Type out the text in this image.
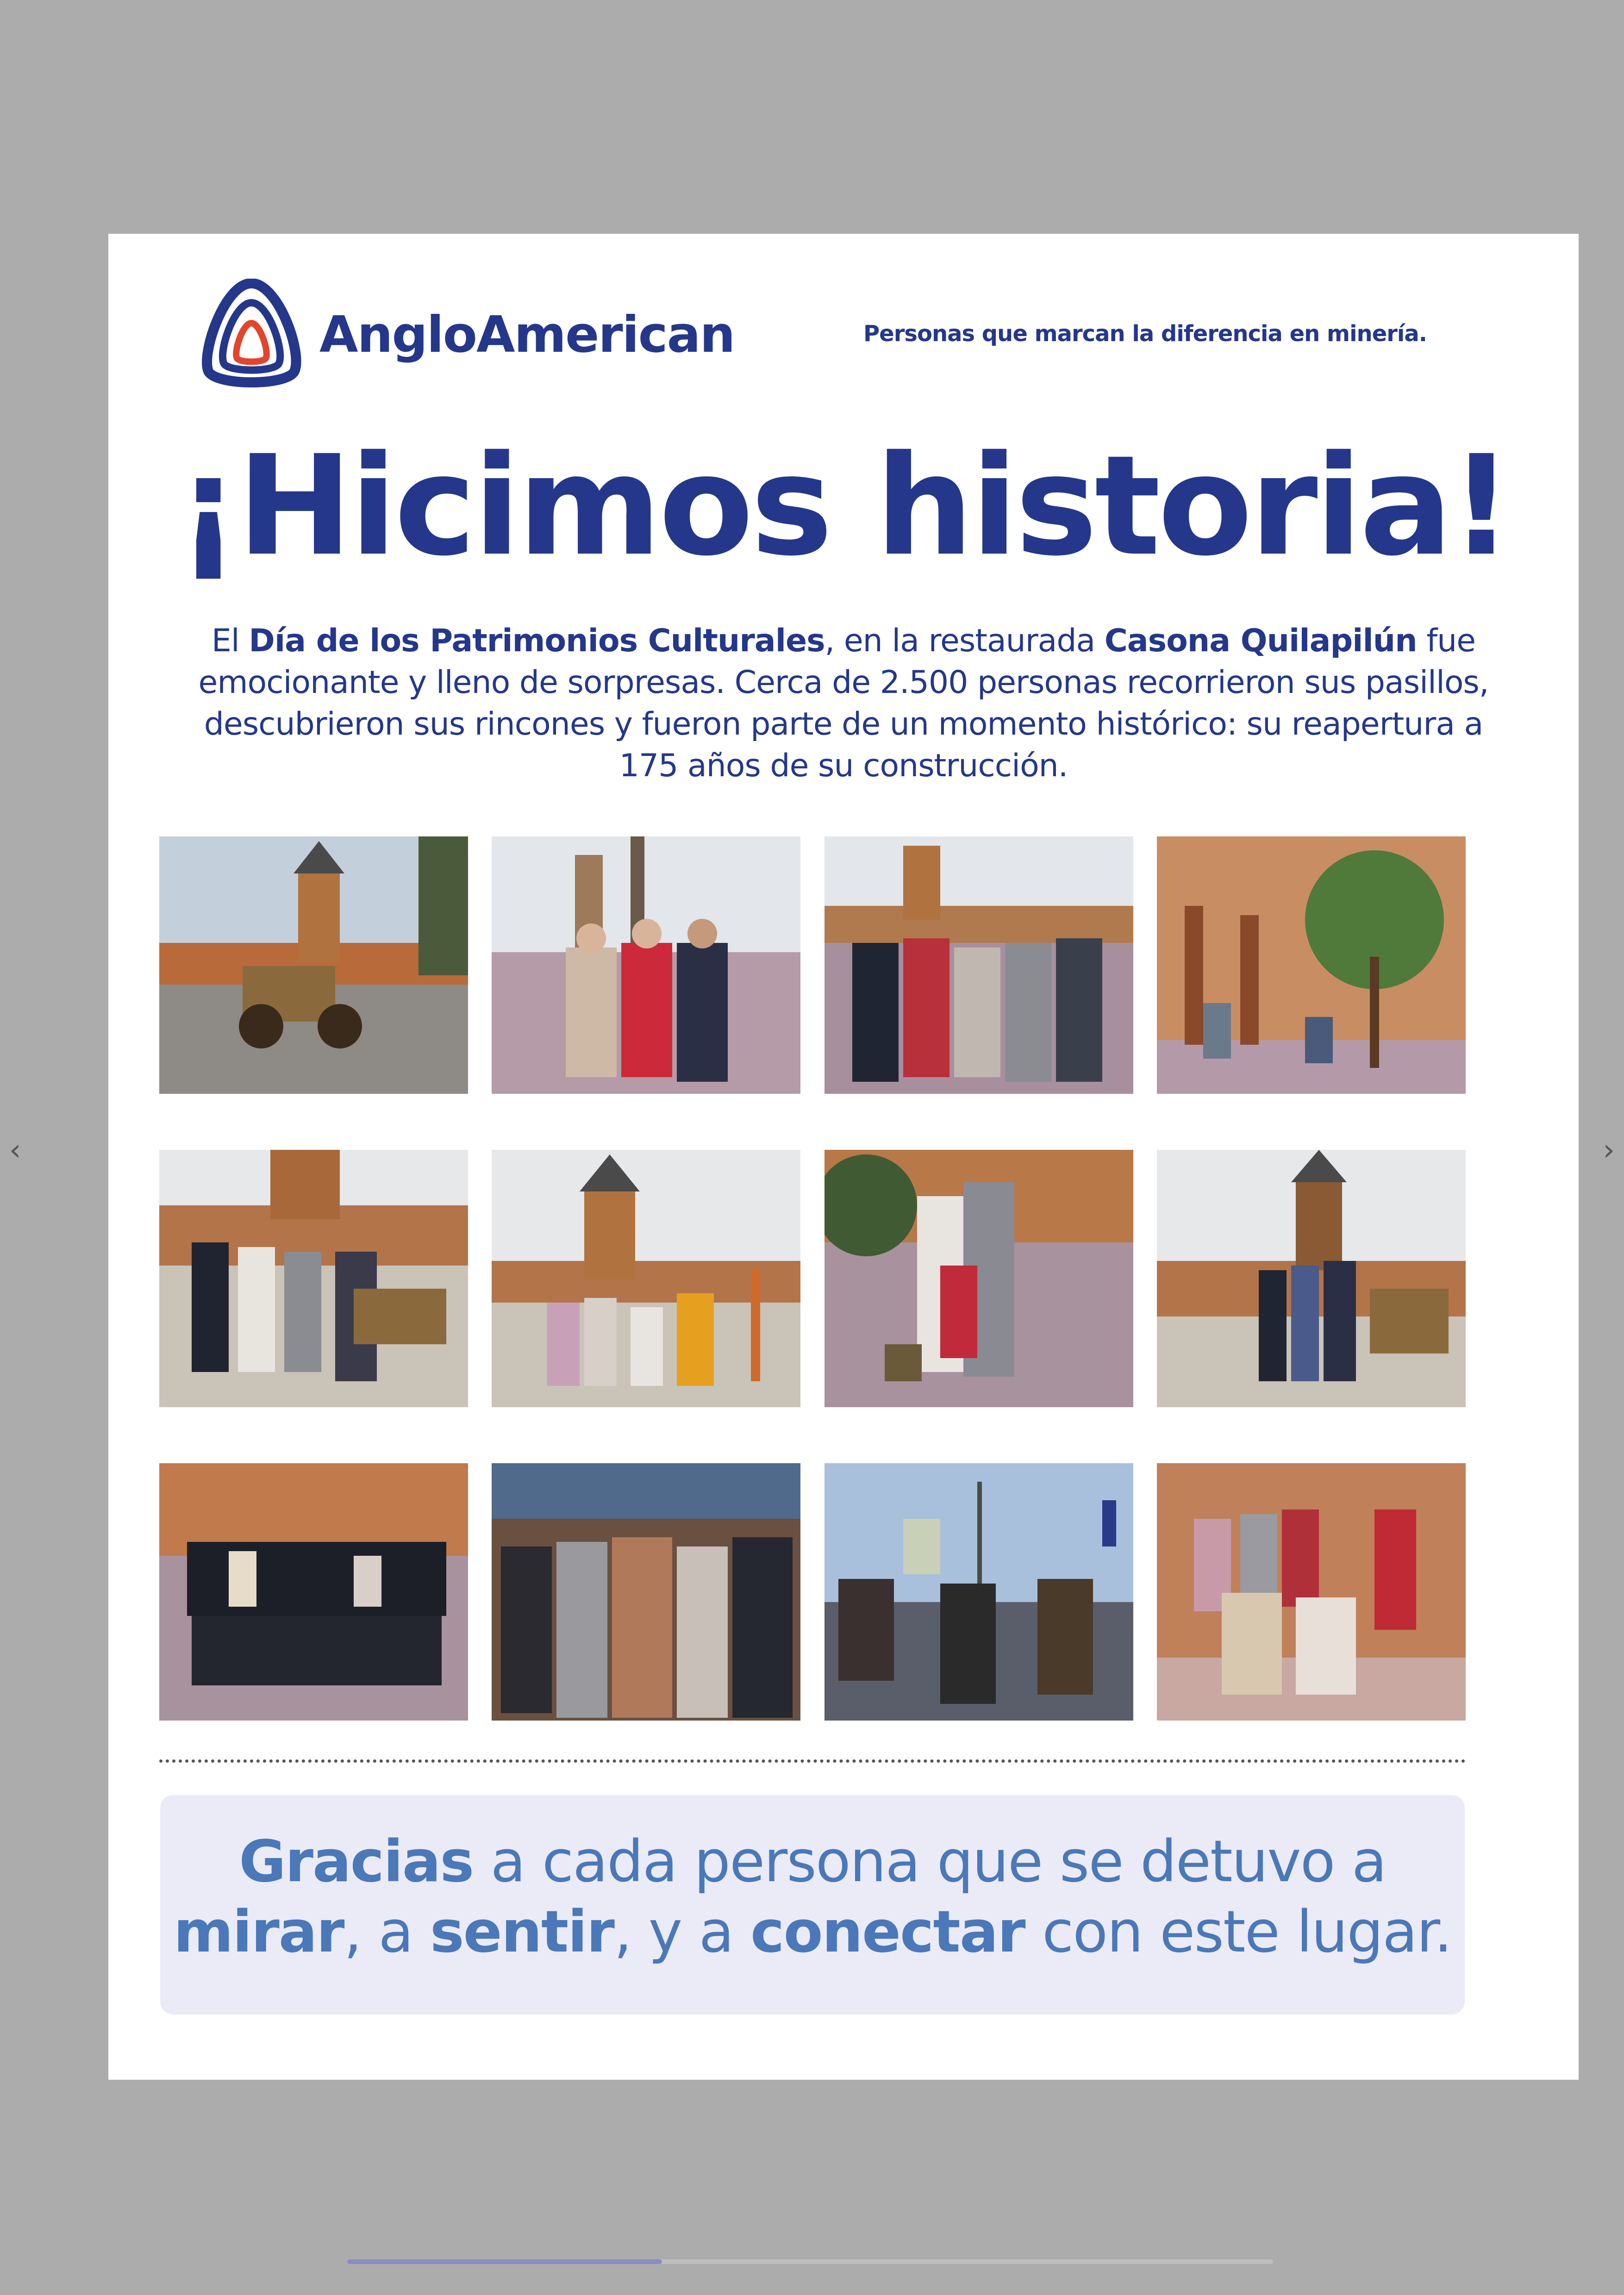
‹	›
AngloAmerican	Personas que marcan la diferencia en minería.
¡Hicimos historia!
El Día de los Patrimonios Culturales, en la restaurada Casona Quilapilún fue emocionante y lleno de sorpresas. Cerca de 2.500 personas recorrieron sus pasillos, descubrieron sus rincones y fueron parte de un momento histórico: su reapertura a 175 años de su construcción.
Gracias a cada persona que se detuvo a
mirar, a sentir, y a conectar con este lugar.
